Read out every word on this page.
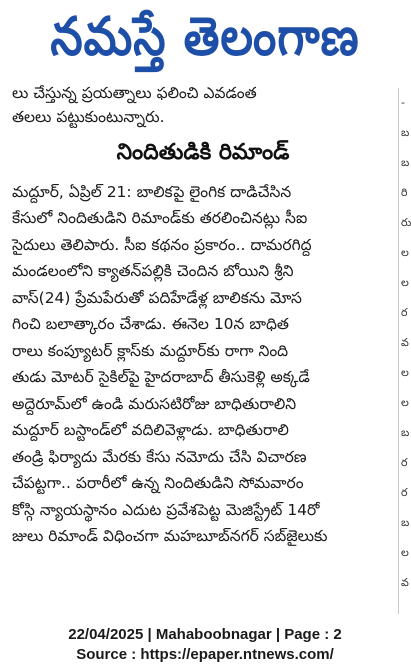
నమస్తే తెలంగాణ
లు చేస్తున్న ప్రయత్నాలు ఫలించి ఎవడంత
తలలు పట్టుకుంటున్నారు.
నిందితుడికి రిమాండ్
మద్దూర్, ఏప్రిల్ 21: బాలికపై లైంగిక దాడిచేసిన
కేసులో నిందితుడిని రిమాండ్‌కు తరలించినట్లు సీఐ
సైదులు తెలిపారు. సీఐ కథనం ప్రకారం.. దామరగిద్ద
మండలంలోని క్యాతన్‌పల్లికి చెందిన బోయిని శ్రీని
వాస్(24) ప్రేమపేరుతో పదిహేడేళ్ల బాలికను మోస
గించి బలాత్కారం చేశాడు. ఈనెల 10న బాధిత
రాలు కంప్యూటర్ క్లాస్‌కు మద్దూర్‌కు రాగా నింది
తుడు మోటర్ సైకిల్‌పై హైదరాబాద్ తీసుకెళ్లి అక్కడే
అద్దెరూమ్‌లో ఉండి మరుసటిరోజు బాధితురాలిని
మద్దూర్ బస్టాండ్‌లో వదిలివెళ్లాడు. బాధితురాలి
తండ్రి ఫిర్యాదు మేరకు కేసు నమోదు చేసి విచారణ
చేపట్టగా.. పరారీలో ఉన్న నిందితుడిని సోమవారం
కోస్గి న్యాయస్థానం ఎదుట ప్రవేశపెట్ట మెజిస్ట్రేట్ 14రో
జులు రిమాండ్ విధించగా మహబూబ్‌నగర్ సబ్‌జైలుకు
-
బ
బ
రి
రు
ల
ల
ర
వ
ల
ల
బ
ర
ర
బ
ల
వ
22/04/2025 | Mahaboobnagar | Page : 2
Source : https://epaper.ntnews.com/
